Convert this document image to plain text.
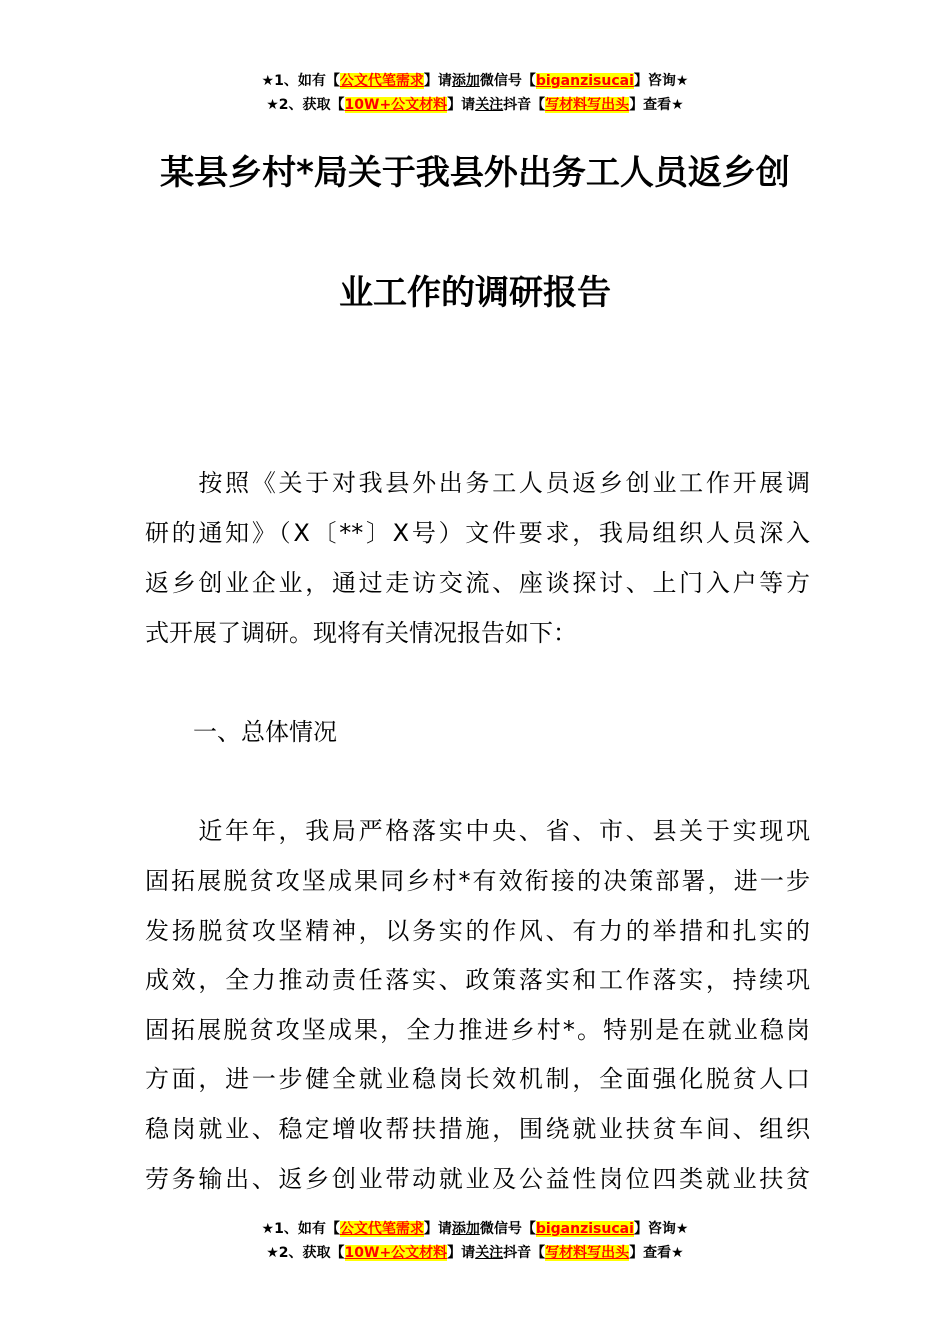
★1、如有【公文代笔需求】请添加微信号【biganzisucai】咨询★
★2、获取【10W+公文材料】请关注抖音【写材料写出头】查看★
某县乡村*局关于我县外出务工人员返乡创
业工作的调研报告
　　按照《关于对我县外出务工人员返乡创业工作开展调
研的通知》（X〔**〕X号）文件要求，我局组织人员深入
返乡创业企业，通过走访交流、座谈探讨、上门入户等方
式开展了调研。现将有关情况报告如下：
　　一、总体情况
　　近年年，我局严格落实中央、省、市、县关于实现巩
固拓展脱贫攻坚成果同乡村*有效衔接的决策部署，进一步
发扬脱贫攻坚精神，以务实的作风、有力的举措和扎实的
成效，全力推动责任落实、政策落实和工作落实，持续巩
固拓展脱贫攻坚成果，全力推进乡村*。特别是在就业稳岗
方面，进一步健全就业稳岗长效机制，全面强化脱贫人口
稳岗就业、稳定增收帮扶措施，围绕就业扶贫车间、组织
劳务输出、返乡创业带动就业及公益性岗位四类就业扶贫
★1、如有【公文代笔需求】请添加微信号【biganzisucai】咨询★
★2、获取【10W+公文材料】请关注抖音【写材料写出头】查看★
